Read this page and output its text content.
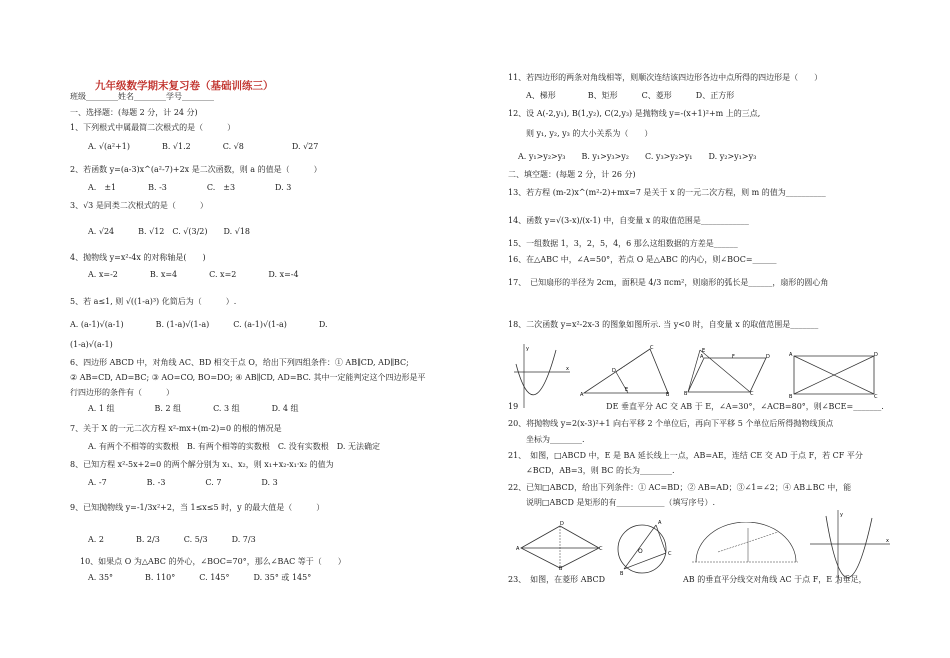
九年级数学期末复习卷（基础训练三）
班级________姓名________学号________
一、选择题：(每题 2 分，计 24 分)
1、下列根式中属最简二次根式的是（　　　）
A. √(a²+1)　　　　B. √1.2　　　　C. √8　　　　　　D. √27
2、若函数 y=(a-3)x^(a²-7)+2x 是二次函数，则 a 的值是（　　　）
A.　±1　　　　B. -3　　　　　C.　±3　　　　　D. 3
3、√3 是同类二次根式的是（　　　）
A. √24　　　B. √12　C. √(3/2)　　D. √18
4、抛物线 y=x²-4x 的对称轴是(　　)
A. x=-2　　　　B. x=4　　　　C. x=2　　　　D. x=-4
5、若 a≤1, 则 √((1-a)³) 化简后为（　　　）.
A. (a-1)√(a-1)　　　　B. (1-a)√(1-a)　　　C. (a-1)√(1-a)　　　　D.
(1-a)√(a-1)
6、四边形 ABCD 中，对角线 AC、BD 相交于点 O，给出下列四组条件：① AB∥CD, AD∥BC;
② AB=CD, AD=BC; ③ AO=CO, BO=DO; ④ AB∥CD, AD=BC. 其中一定能判定这个四边形是平
行四边形的条件有（　　　）
A. 1 组　　　　　B. 2 组　　　　C. 3 组　　　　D. 4 组
7、关于 X 的一元二次方程 x²-mx+(m-2)=0 的根的情况是
A. 有两个不相等的实数根　B. 有两个相等的实数根　C. 没有实数根　D. 无法确定
8、已知方程 x²-5x+2=0 的两个解分别为 x₁、x₂，则 x₁+x₂-x₁·x₂ 的值为
A. -7　　　　　B. -3　　　　　C. 7　　　　　D. 3
9、已知抛物线 y=-1/3x²+2，当 1≤x≤5 时，y 的最大值是（　　　）
A. 2　　　　B. 2/3　　　C. 5/3　　　D. 7/3
10、如果点 O 为△ABC 的外心，∠BOC=70°，那么∠BAC 等于（　　）
A. 35°　　　　B. 110°　　　C. 145°　　　D. 35° 或 145°
11、若四边形的两条对角线相等，则顺次连结该四边形各边中点所得的四边形是（　　）
A、梯形　　　　B、矩形　　　C、菱形　　　D、正方形
12、设 A(-2,y₁), B(1,y₂), C(2,y₃) 是抛物线 y=-(x+1)²+m 上的三点,
则 y₁, y₂, y₃ 的大小关系为（　　）
A. y₁>y₂>y₃　　B. y₁>y₃>y₂　　C. y₃>y₂>y₁　　D. y₂>y₁>y₃
二、填空题：(每题 2 分，计 26 分)
13、若方程 (m-2)x^(m²-2)+mx=7 是关于 x 的一元二次方程，则 m 的值为__________
14、函数 y=√(3-x)/(x-1) 中，自变量 x 的取值范围是____________
15、一组数据 1，3，2，5，4，6 那么这组数据的方差是______
16、在△ABC 中，∠A=50°，若点 O 是△ABC 的内心，则∠BOC=______
17、　已知扇形的半径为 2cm，面积是 4/3 πcm²，则扇形的弧长是______，扇形的圆心角
18、二次函数 y=x²-2x-3 的图象如图所示. 当 y<0 时，自变量 x 的取值范围是_______
19　　　　　　　　　　　DE 垂直平分 AC 交 AB 于 E，∠A=30°，∠ACB=80°，则∠BCE=_______.
20、将抛物线 y=2(x-3)²+1 向右平移 2 个单位后，再向下平移 5 个单位后所得抛物线顶点
坐标为________.
21、　如图，□ABCD 中，E 是 BA 延长线上一点，AB=AE，连结 CE 交 AD 于点 F，若 CF 平分
∠BCD，AB=3，则 BC 的长为________.
22、已知□ABCD，给出下列条件：① AC=BD；② AB=AD；③∠1=∠2；④ AB⊥BC 中，能
说明□ABCD 是矩形的有____________（填写序号）.
23、　如图，在菱形 ABCD	AB 的垂直平分线交对角线 AC 于点 F，E 为垂足，
y
x
A	B
C
D
E
B	C
D
A	F
E
A	D
B	C
A	C
D
B
O
A
B
C
y
x
